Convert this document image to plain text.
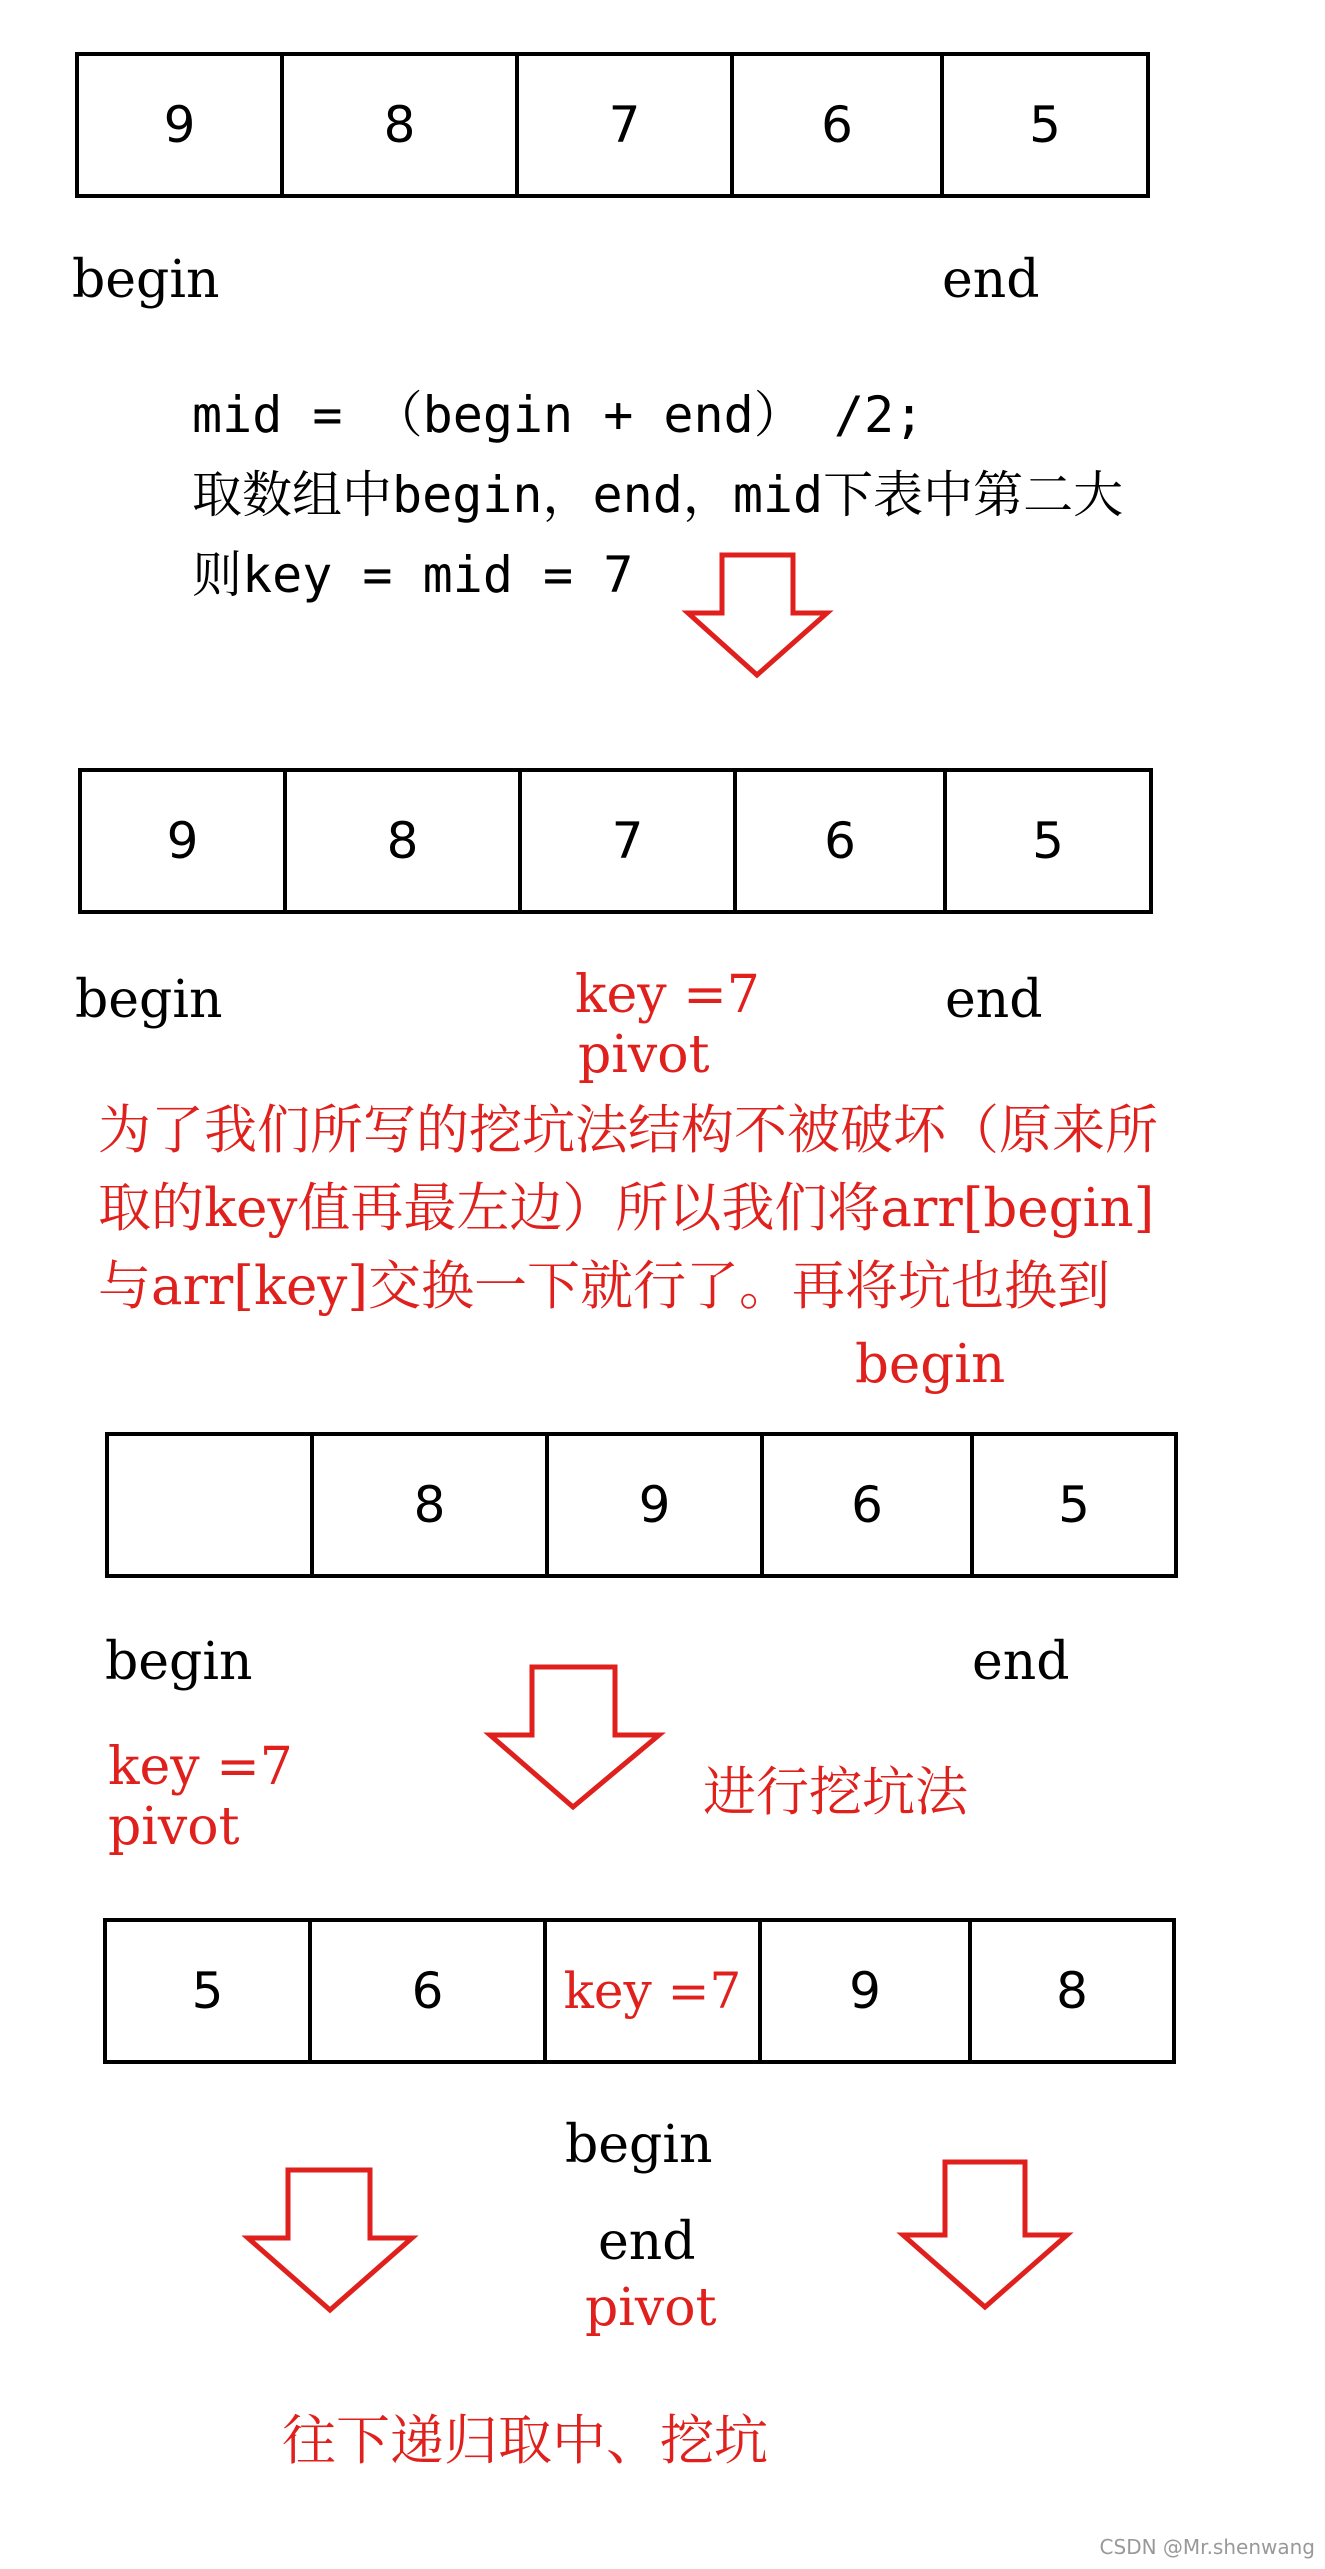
9	8	7	6	5
begin	end
mid = （begin + end） /2;
取数组中begin，end，mid下表中第二大
则key = mid = 7
9	8	7	6	5
begin	key =7
pivot
end
为了我们所写的挖坑法结构不被破坏（原来所
取的key值再最左边）所以我们将arr[begin]
与arr[key]交换一下就行了。再将坑也换到
begin
8	9	6	5
begin	end
key =7
pivot
进行挖坑法
5	6	key =7	9	8
begin
end
pivot
往下递归取中、挖坑
CSDN @Mr.shenwang
